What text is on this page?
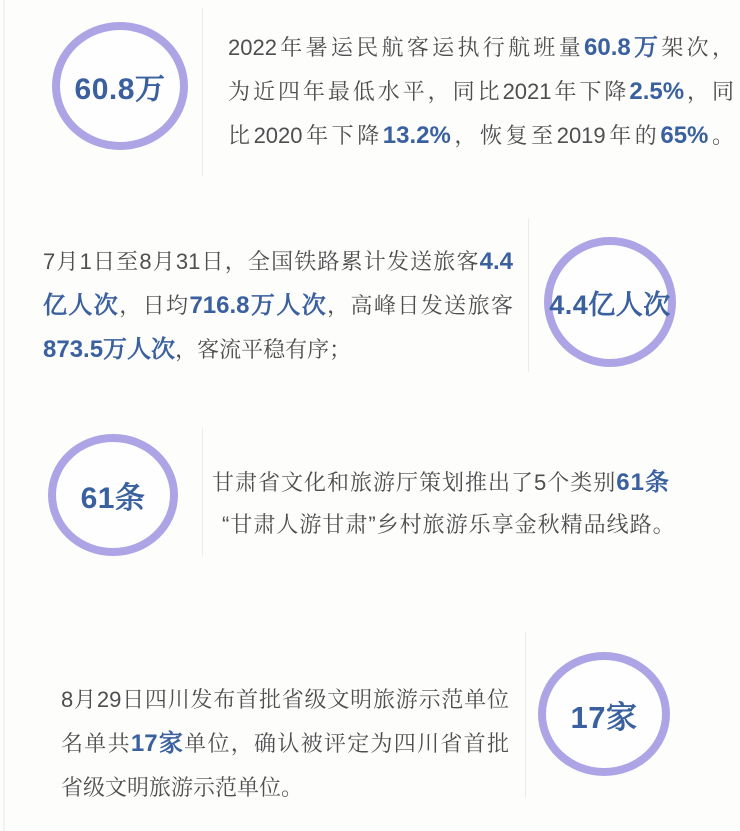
60.8万
2022年暑运民航客运执行航班量60.8万架次，
为近四年最低水平，同比2021年下降2.5%，同
比2020年下降13.2%，恢复至2019年的65%。
7月1日至8月31日，全国铁路累计发送旅客4.4
亿人次，日均716.8万人次，高峰日发送旅客
873.5万人次，客流平稳有序；
4.4亿人次
61条	甘肃省文化和旅游厅策划推出了5个类别61条
“甘肃人游甘肃”乡村旅游乐享金秋精品线路。
8月29日四川发布首批省级文明旅游示范单位
名单共17家单位，确认被评定为四川省首批
省级文明旅游示范单位。
17家
